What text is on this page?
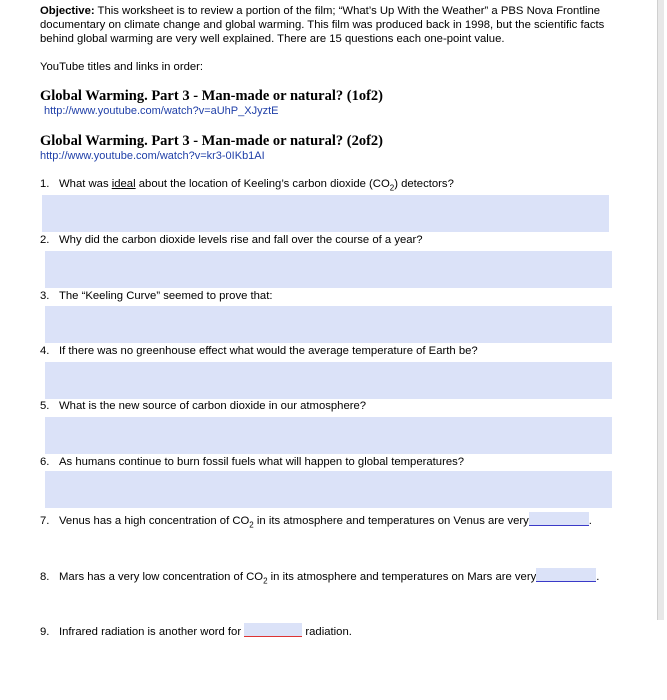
Objective: This worksheet is to review a portion of the film; “What’s Up With the Weather” a PBS Nova Frontline documentary on climate change and global warming. This film was produced back in 1998, but the scientific facts behind global warming are very well explained. There are 15 questions each one-point value.
YouTube titles and links in order:
Global Warming. Part 3 - Man-made or natural? (1of2)
http://www.youtube.com/watch?v=aUhP_XJyztE
Global Warming. Part 3 - Man-made or natural? (2of2)
http://www.youtube.com/watch?v=kr3-0IKb1AI
1. What was ideal about the location of Keeling’s carbon dioxide $(CO_2)$ detectors?
2. Why did the carbon dioxide levels rise and fall over the course of a year?
3. The “Keeling Curve” seemed to prove that:
4. If there was no greenhouse effect what would the average temperature of Earth be?
5. What is the new source of carbon dioxide in our atmosphere?
6. As humans continue to burn fossil fuels what will happen to global temperatures?
7. Venus has a high concentration of $CO_2$ in its atmosphere and temperatures on Venus are very	.
8. Mars has a very low concentration of $CO_2$ in its atmosphere and temperatures on Mars are very	.
9. Infrared radiation is another word for	radiation.
